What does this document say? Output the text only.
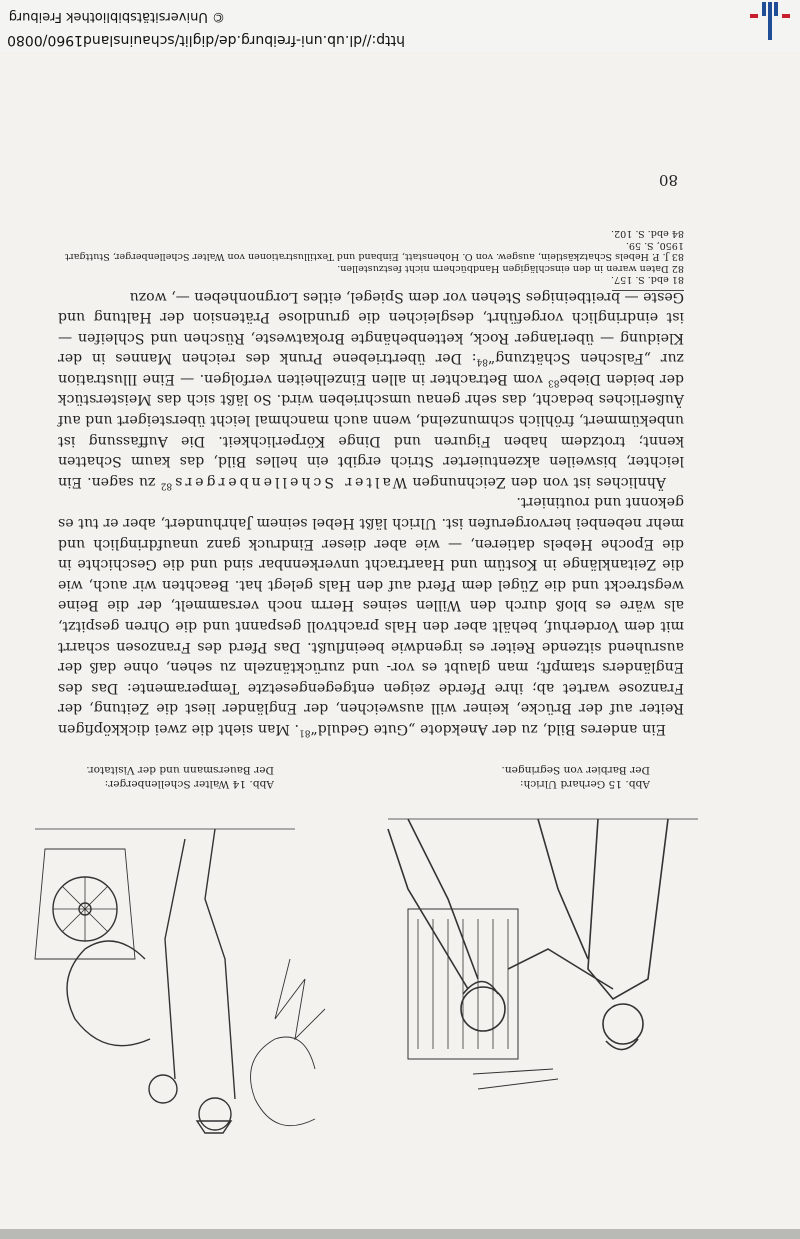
http://dl.ub.uni-freiburg.de/diglit/schauinsland1960/0080
© Universitätsbibliothek Freiburg
Abb. 15 Gerhard Ulrich:
Der Barbier von Segringen.
Abb. 14 Walter Schellenberger:
Der Bauersmann und der Visitator.

Ein anderes Bild, zu der Anekdote „Gute Geduld“$^{81}$. Man sieht die zwei dickköpfigen Reiter auf der Brücke, keiner will ausweichen, der Engländer liest die Zeitung, der Franzose wartet ab; ihre Pferde zeigen entgegengesetzte Temperamente: Das des Engländers stampft; man glaubt es vor- und zurücktänzeln zu sehen, ohne daß der ausruhend sitzende Reiter es irgendwie beeinflußt. Das Pferd des Franzosen scharrt mit dem Vorderhuf, behält aber den Hals prachtvoll gespannt und die Ohren gespitzt, als wäre es bloß durch den Willen seines Herrn noch versammelt, der die Beine wegstreckt und die Zügel dem Pferd auf den Hals gelegt hat. Beachten wir auch, wie die Zeitanklänge in Kostüm und Haartracht unverkennbar sind und die Geschichte in die Epoche Hebels datieren, — wie aber dieser Eindruck ganz unaufdringlich und mehr nebenbei hervorgerufen ist. Ulrich läßt Hebel seinem Jahrhundert, aber er tut es gekonnt und routiniert.

Ähnliches ist von den Zeichnungen Walter Schellenbergers$^{82}$ zu sagen. Ein leichter, bisweilen akzentuierter Strich ergibt ein helles Bild, das kaum Schatten kennt; trotzdem haben Figuren und Dinge Körperlichkeit. Die Auffassung ist unbekümmert, fröhlich schmunzelnd, wenn auch manchmal leicht übersteigert und auf Äußerliches bedacht, das sehr genau umschrieben wird. So läßt sich das Meisterstück der beiden Diebe$^{83}$ vom Betrachter in allen Einzelheiten verfolgen. — Eine Illustration zur „Falschen Schätzung“$^{84}$: Der übertriebene Prunk des reichen Mannes in der Kleidung — überlanger Rock, kettenbehängte Brokatweste, Rüschen und Schleifen — ist eindringlich vorgeführt, desgleichen die grundlose Prätension der Haltung und Geste — breitbeiniges Stehen vor dem Spiegel, eitles Lorgnonheben —, wozu

81 ebd. S. 157.
82 Daten waren in den einschlägigen Handbüchern nicht festzustellen.
83 J. P. Hebels Schatzkästlein, ausgew. von O. Hohenstatt, Einband und Textillustrationen von Walter Schellenberger, Stuttgart 1950, S. 59.
84 ebd. S. 102.
80
